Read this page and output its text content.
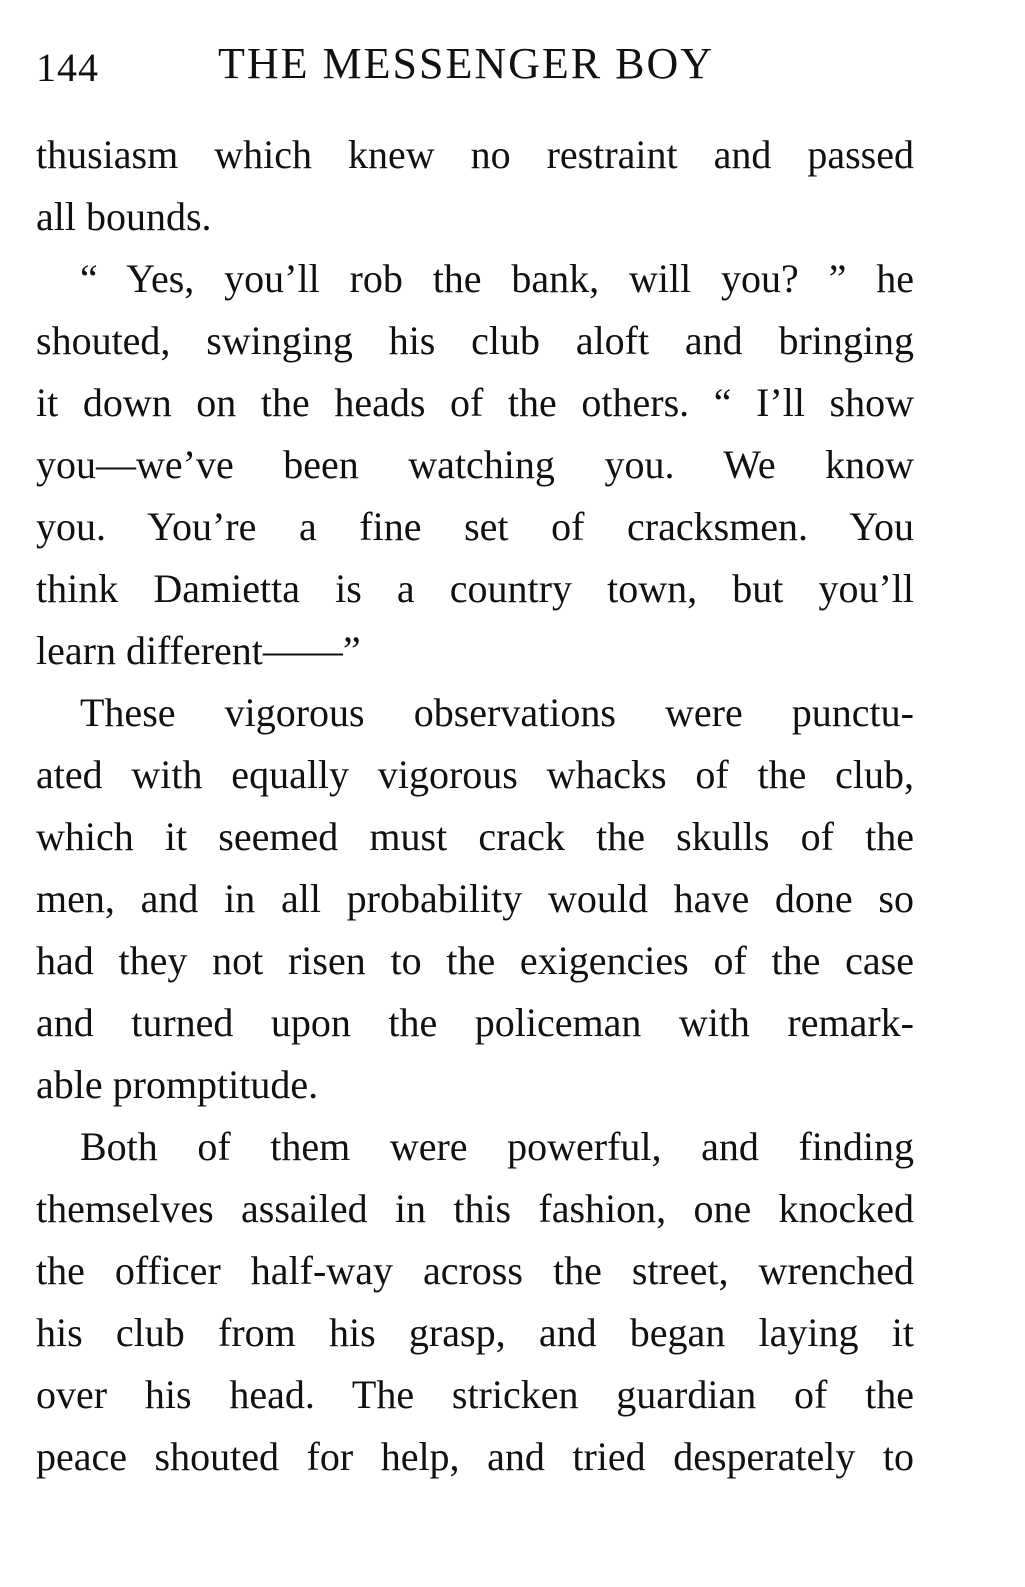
144	THE MESSENGER BOY
thusiasm which knew no restraint and passed
all bounds.
“ Yes, you’ll rob the bank, will you? ” he
shouted, swinging his club aloft and bringing
it down on the heads of the others. “ I’ll show
you—we’ve been watching you. We know
you. You’re a fine set of cracksmen. You
think Damietta is a country town, but you’ll
learn different——”
These vigorous observations were punctu-
ated with equally vigorous whacks of the club,
which it seemed must crack the skulls of the
men, and in all probability would have done so
had they not risen to the exigencies of the case
and turned upon the policeman with remark-
able promptitude.
Both of them were powerful, and finding
themselves assailed in this fashion, one knocked
the officer half-way across the street, wrenched
his club from his grasp, and began laying it
over his head. The stricken guardian of the
peace shouted for help, and tried desperately to
